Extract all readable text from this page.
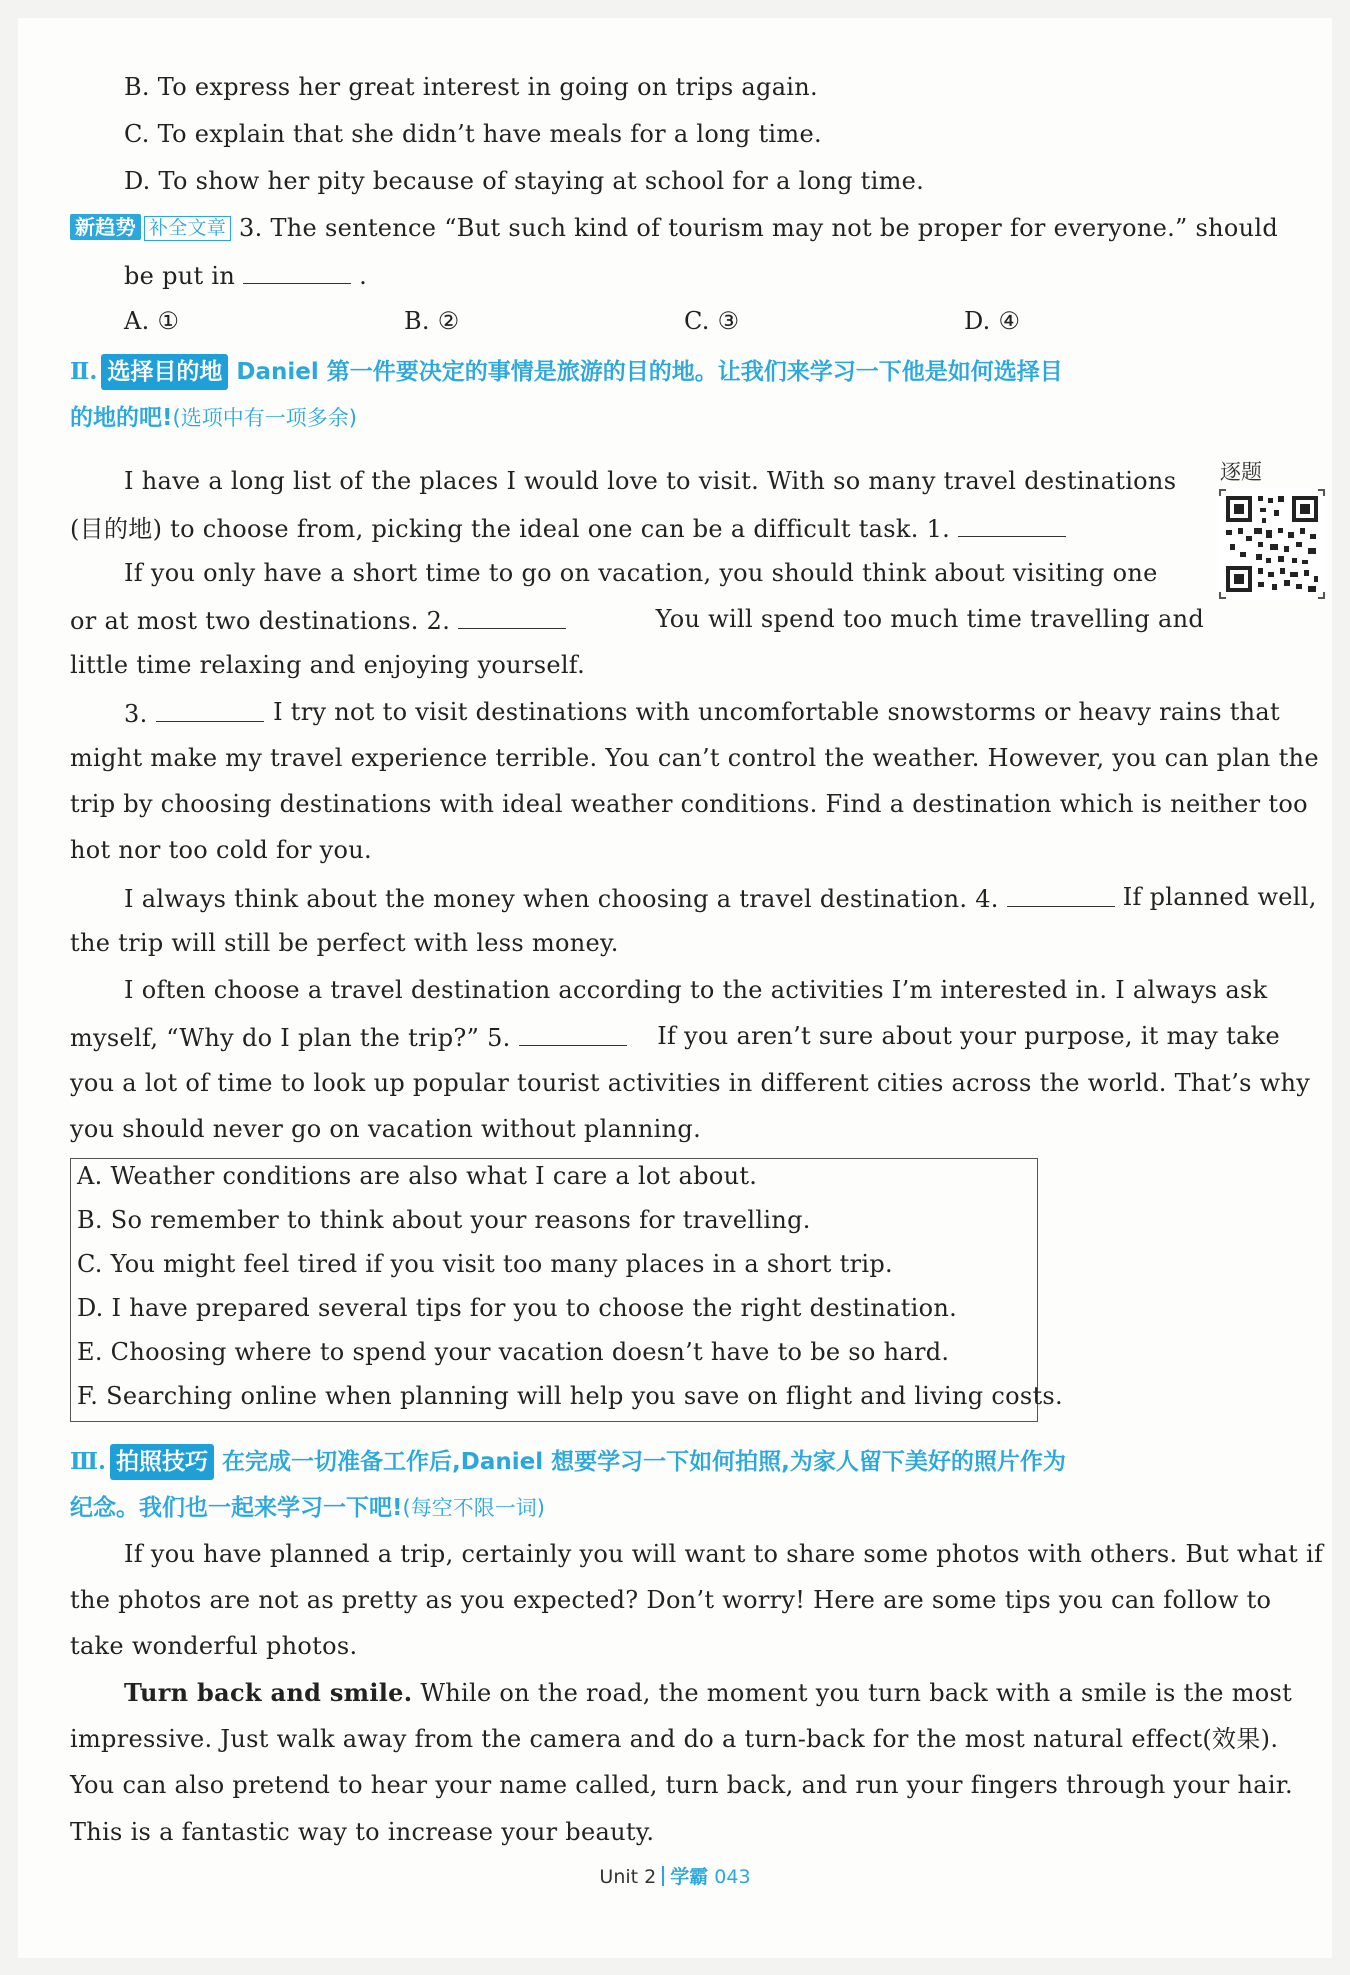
B. To express her great interest in going on trips again.
C. To explain that she didn’t have meals for a long time.
D. To show her pity because of staying at school for a long time.
新趋势 补全文章 3. The sentence “But such kind of tourism may not be proper for everyone.” should
be put in	.
A. ①	B. ②	C. ③	D. ④
Ⅱ. 选择目的地 Daniel 第一件要决定的事情是旅游的目的地。让我们来学习一下他是如何选择目
的地的吧!(选项中有一项多余)
逐题
I have a long list of the places I would love to visit. With so many travel destinations
(目的地) to choose from, picking the ideal one can be a difficult task. 1.
If you only have a short time to go on vacation, you should think about visiting one
or at most two destinations. 2.	You will spend too much time travelling and
little time relaxing and enjoying yourself.
3.	I try not to visit destinations with uncomfortable snowstorms or heavy rains that
might make my travel experience terrible. You can’t control the weather. However, you can plan the
trip by choosing destinations with ideal weather conditions. Find a destination which is neither too
hot nor too cold for you.
I always think about the money when choosing a travel destination. 4.	If planned well,
the trip will still be perfect with less money.
I often choose a travel destination according to the activities I’m interested in. I always ask
myself, “Why do I plan the trip?” 5.	If you aren’t sure about your purpose, it may take
you a lot of time to look up popular tourist activities in different cities across the world. That’s why
you should never go on vacation without planning.
A. Weather conditions are also what I care a lot about.
B. So remember to think about your reasons for travelling.
C. You might feel tired if you visit too many places in a short trip.
D. I have prepared several tips for you to choose the right destination.
E. Choosing where to spend your vacation doesn’t have to be so hard.
F. Searching online when planning will help you save on flight and living costs.
Ⅲ. 拍照技巧 在完成一切准备工作后,Daniel 想要学习一下如何拍照,为家人留下美好的照片作为
纪念。我们也一起来学习一下吧!(每空不限一词)
If you have planned a trip, certainly you will want to share some photos with others. But what if
the photos are not as pretty as you expected? Don’t worry! Here are some tips you can follow to
take wonderful photos.
Turn back and smile. While on the road, the moment you turn back with a smile is the most
impressive. Just walk away from the camera and do a turn-back for the most natural effect(效果).
You can also pretend to hear your name called, turn back, and run your fingers through your hair.
This is a fantastic way to increase your beauty.
Unit 2 学霸 043
